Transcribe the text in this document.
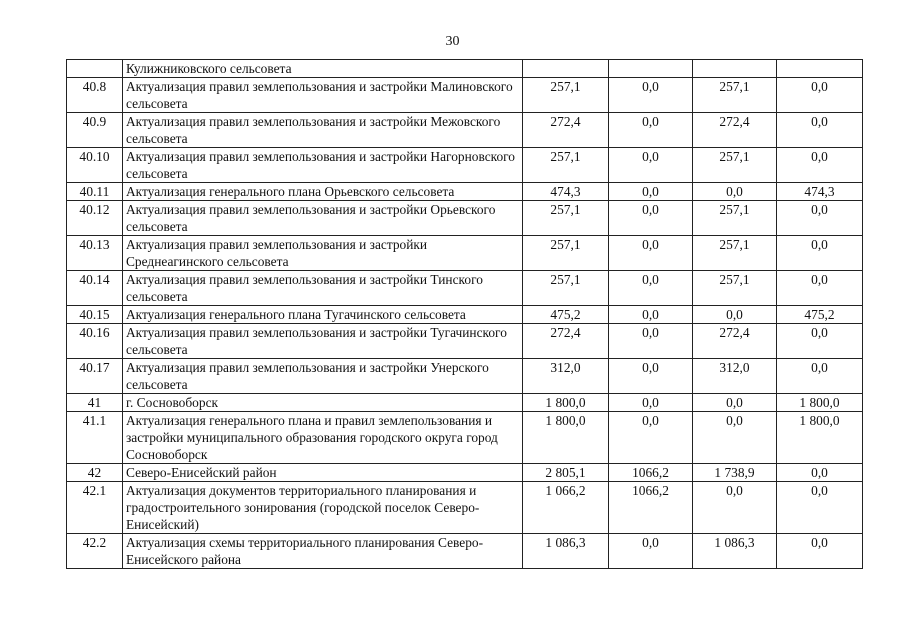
30
	Кулижниковского сельсовета				
40.8	Актуализация правил землепользования и застройки Малиновского сельсовета	257,1	0,0	257,1	0,0
40.9	Актуализация правил землепользования и застройки Межовского сельсовета	272,4	0,0	272,4	0,0
40.10	Актуализация правил землепользования и застройки Нагорновского сельсовета	257,1	0,0	257,1	0,0
40.11	Актуализация генерального плана Орьевского сельсовета	474,3	0,0	0,0	474,3
40.12	Актуализация правил землепользования и застройки Орьевского сельсовета	257,1	0,0	257,1	0,0
40.13	Актуализация правил землепользования и застройки Среднеагинского сельсовета	257,1	0,0	257,1	0,0
40.14	Актуализация правил землепользования и застройки Тинского сельсовета	257,1	0,0	257,1	0,0
40.15	Актуализация генерального плана Тугачинского сельсовета	475,2	0,0	0,0	475,2
40.16	Актуализация правил землепользования и застройки Тугачинского сельсовета	272,4	0,0	272,4	0,0
40.17	Актуализация правил землепользования и застройки Унерского сельсовета	312,0	0,0	312,0	0,0
41	г. Сосновоборск	1 800,0	0,0	0,0	1 800,0
41.1	Актуализация генерального плана и правил землепользования и застройки муниципального образования городского округа город Сосновоборск	1 800,0	0,0	0,0	1 800,0
42	Северо-Енисейский район	2 805,1	1066,2	1 738,9	0,0
42.1	Актуализация документов территориального планирования и градостроительного зонирования (городской поселок Северо-Енисейский)	1 066,2	1066,2	0,0	0,0
42.2	Актуализация схемы территориального планирования Северо-Енисейского района	1 086,3	0,0	1 086,3	0,0
